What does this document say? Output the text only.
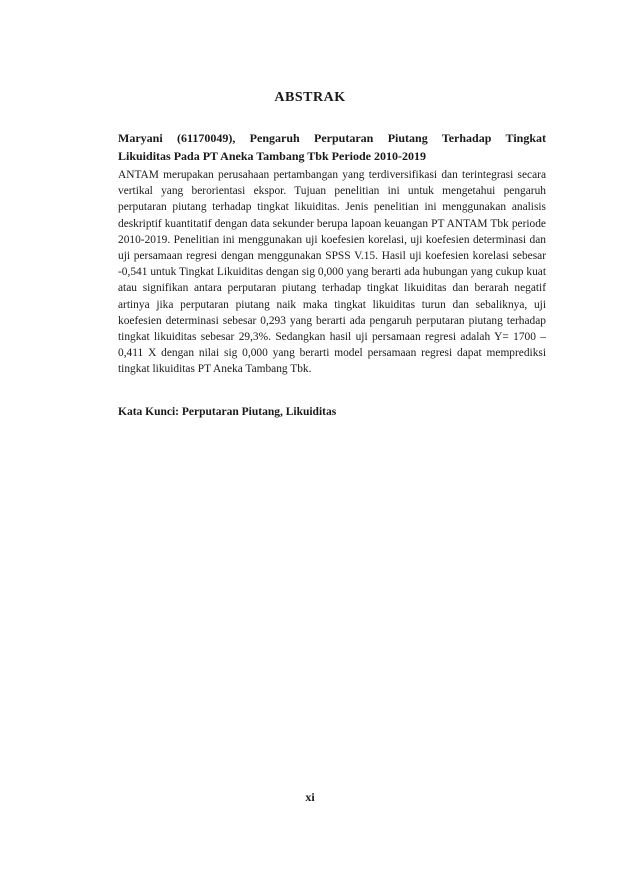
ABSTRAK
Maryani (61170049), Pengaruh Perputaran Piutang Terhadap Tingkat
Likuiditas Pada PT Aneka Tambang Tbk Periode 2010-2019

ANTAM merupakan perusahaan pertambangan yang terdiversifikasi dan terintegrasi secara vertikal yang berorientasi ekspor. Tujuan penelitian ini untuk mengetahui pengaruh perputaran piutang terhadap tingkat likuiditas. Jenis penelitian ini menggunakan analisis deskriptif kuantitatif dengan data sekunder berupa lapoan keuangan PT ANTAM Tbk periode 2010-2019. Penelitian ini menggunakan uji koefesien korelasi, uji koefesien determinasi dan uji persamaan regresi dengan menggunakan SPSS V.15. Hasil uji koefesien korelasi sebesar -0,541 untuk Tingkat Likuiditas dengan sig 0,000 yang berarti ada hubungan yang cukup kuat atau signifikan antara perputaran piutang terhadap tingkat likuiditas dan berarah negatif artinya jika perputaran piutang naik maka tingkat likuiditas turun dan sebaliknya, uji koefesien determinasi sebesar 0,293 yang berarti ada pengaruh perputaran piutang terhadap tingkat likuiditas sebesar 29,3%. Sedangkan hasil uji persamaan regresi adalah Y= 1700 – 0,411 X dengan nilai sig 0,000 yang berarti model persamaan regresi dapat memprediksi tingkat likuiditas PT Aneka Tambang Tbk.

Kata Kunci: Perputaran Piutang, Likuiditas
xi
